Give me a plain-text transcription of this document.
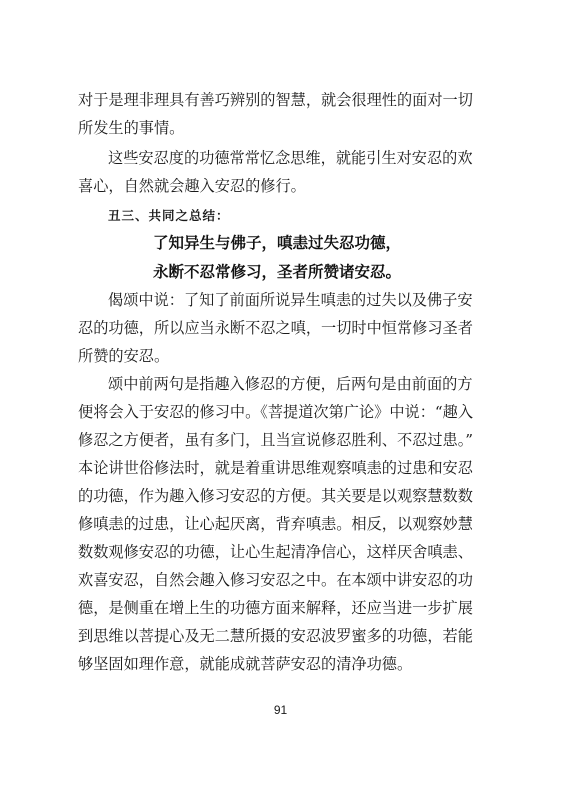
对于是理非理具有善巧辨别的智慧，就会很理性的面对一切
所发生的事情。
这些安忍度的功德常常忆念思维，就能引生对安忍的欢
喜心，自然就会趣入安忍的修行。
丑三、共同之总结：
了知异生与佛子，嗔恚过失忍功德，
永断不忍常修习，圣者所赞诸安忍。
偈颂中说：了知了前面所说异生嗔恚的过失以及佛子安
忍的功德，所以应当永断不忍之嗔，一切时中恒常修习圣者
所赞的安忍。
颂中前两句是指趣入修忍的方便，后两句是由前面的方
便将会入于安忍的修习中。《菩提道次第广论》中说：“趣入
修忍之方便者，虽有多门，且当宣说修忍胜利、不忍过患。”
本论讲世俗修法时，就是着重讲思维观察嗔恚的过患和安忍
的功德，作为趣入修习安忍的方便。其关要是以观察慧数数
修嗔恚的过患，让心起厌离，背弃嗔恚。相反，以观察妙慧
数数观修安忍的功德，让心生起清净信心，这样厌舍嗔恚、
欢喜安忍，自然会趣入修习安忍之中。在本颂中讲安忍的功
德，是侧重在增上生的功德方面来解释，还应当进一步扩展
到思维以菩提心及无二慧所摄的安忍波罗蜜多的功德，若能
够坚固如理作意，就能成就菩萨安忍的清净功德。
91
